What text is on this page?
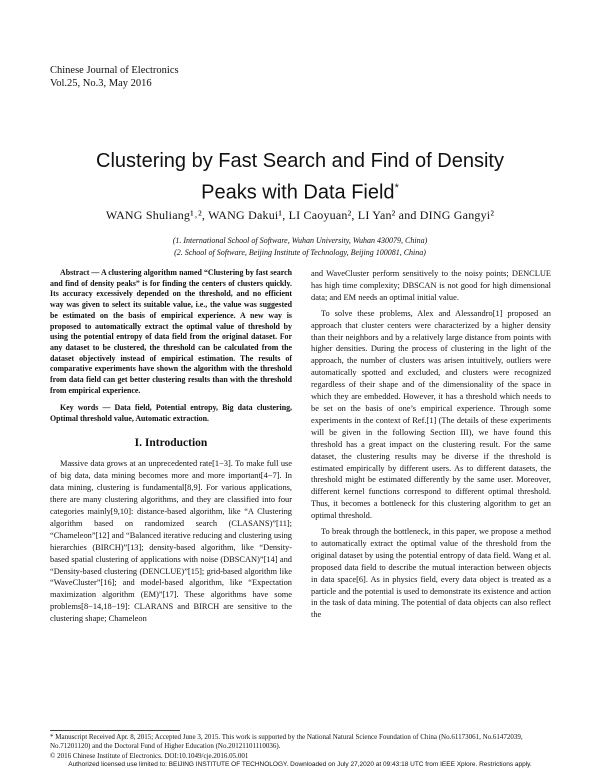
Chinese Journal of Electronics
Vol.25, No.3, May 2016
Clustering by Fast Search and Find of Density
Peaks with Data Field*
WANG Shuliang¹˒², WANG Dakui¹, LI Caoyuan², LI Yan² and DING Gangyi²
(1. International School of Software, Wuhan University, Wuhan 430079, China)
(2. School of Software, Beijing Institute of Technology, Beijing 100081, China)

Abstract — A clustering algorithm named “Clustering by fast search and find of density peaks” is for finding the centers of clusters quickly. Its accuracy excessively depended on the threshold, and no efficient way was given to select its suitable value, i.e., the value was suggested be estimated on the basis of empirical experience. A new way is proposed to automatically extract the optimal value of threshold by using the potential entropy of data field from the original dataset. For any dataset to be clustered, the threshold can be calculated from the dataset objectively instead of empirical estimation. The results of comparative experiments have shown the algorithm with the threshold from data field can get better clustering results than with the threshold from empirical experience.

Key words — Data field, Potential entropy, Big data clustering, Optimal threshold value, Automatic extraction.

I. Introduction

Massive data grows at an unprecedented rate[1−3]. To make full use of big data, data mining becomes more and more important[4−7]. In data mining, clustering is fundamental[8,9]. For various applications, there are many clustering algorithms, and they are classified into four categories mainly[9,10]: distance-based algorithm, like “A Clustering algorithm based on randomized search (CLASANS)”[11]; “Chameleon”[12] and “Balanced iterative reducing and clustering using hierarchies (BIRCH)”[13]; density-based algorithm, like “Density-based spatial clustering of applications with noise (DBSCAN)”[14] and “Density-based clustering (DENCLUE)”[15]; grid-based algorithm like “WaveCluster”[16]; and model-based algorithm, like “Expectation maximization algorithm (EM)”[17]. These algorithms have some problems[8−14,18−19]: CLARANS and BIRCH are sensitive to the clustering shape; Chameleon

and WaveCluster perform sensitively to the noisy points; DENCLUE has high time complexity; DBSCAN is not good for high dimensional data; and EM needs an optimal initial value.

To solve these problems, Alex and Alessandro[1] proposed an approach that cluster centers were characterized by a higher density than their neighbors and by a relatively large distance from points with higher densities. During the process of clustering in the light of the approach, the number of clusters was arisen intuitively, outliers were automatically spotted and excluded, and clusters were recognized regardless of their shape and of the dimensionality of the space in which they are embedded. However, it has a threshold which needs to be set on the basis of one’s empirical experience. Through some experiments in the context of Ref.[1] (The details of these experiments will be given in the following Section III), we have found this threshold has a great impact on the clustering result. For the same dataset, the clustering results may be diverse if the threshold is estimated empirically by different users. As to different datasets, the threshold might be estimated differently by the same user. Moreover, different kernel functions correspond to different optimal threshold. Thus, it becomes a bottleneck for this clustering algorithm to get an optimal threshold.

To break through the bottleneck, in this paper, we propose a method to automatically extract the optimal value of the threshold from the original dataset by using the potential entropy of data field. Wang et al. proposed data field to describe the mutual interaction between objects in data space[6]. As in physics field, every data object is treated as a particle and the potential is used to demonstrate its existence and action in the task of data mining. The potential of data objects can also reflect the

* Manuscript Received Apr. 8, 2015; Accepted June 3, 2015. This work is supported by the National Natural Science Foundation of China (No.61173061, No.61472039, No.71201120) and the Doctoral Fund of Higher Education (No.20121101110036).
© 2016 Chinese Institute of Electronics. DOI:10.1049/cje.2016.05.001
Authorized licensed use limited to: BEIJING INSTITUTE OF TECHNOLOGY. Downloaded on July 27,2020 at 09:43:18 UTC from IEEE Xplore. Restrictions apply.
